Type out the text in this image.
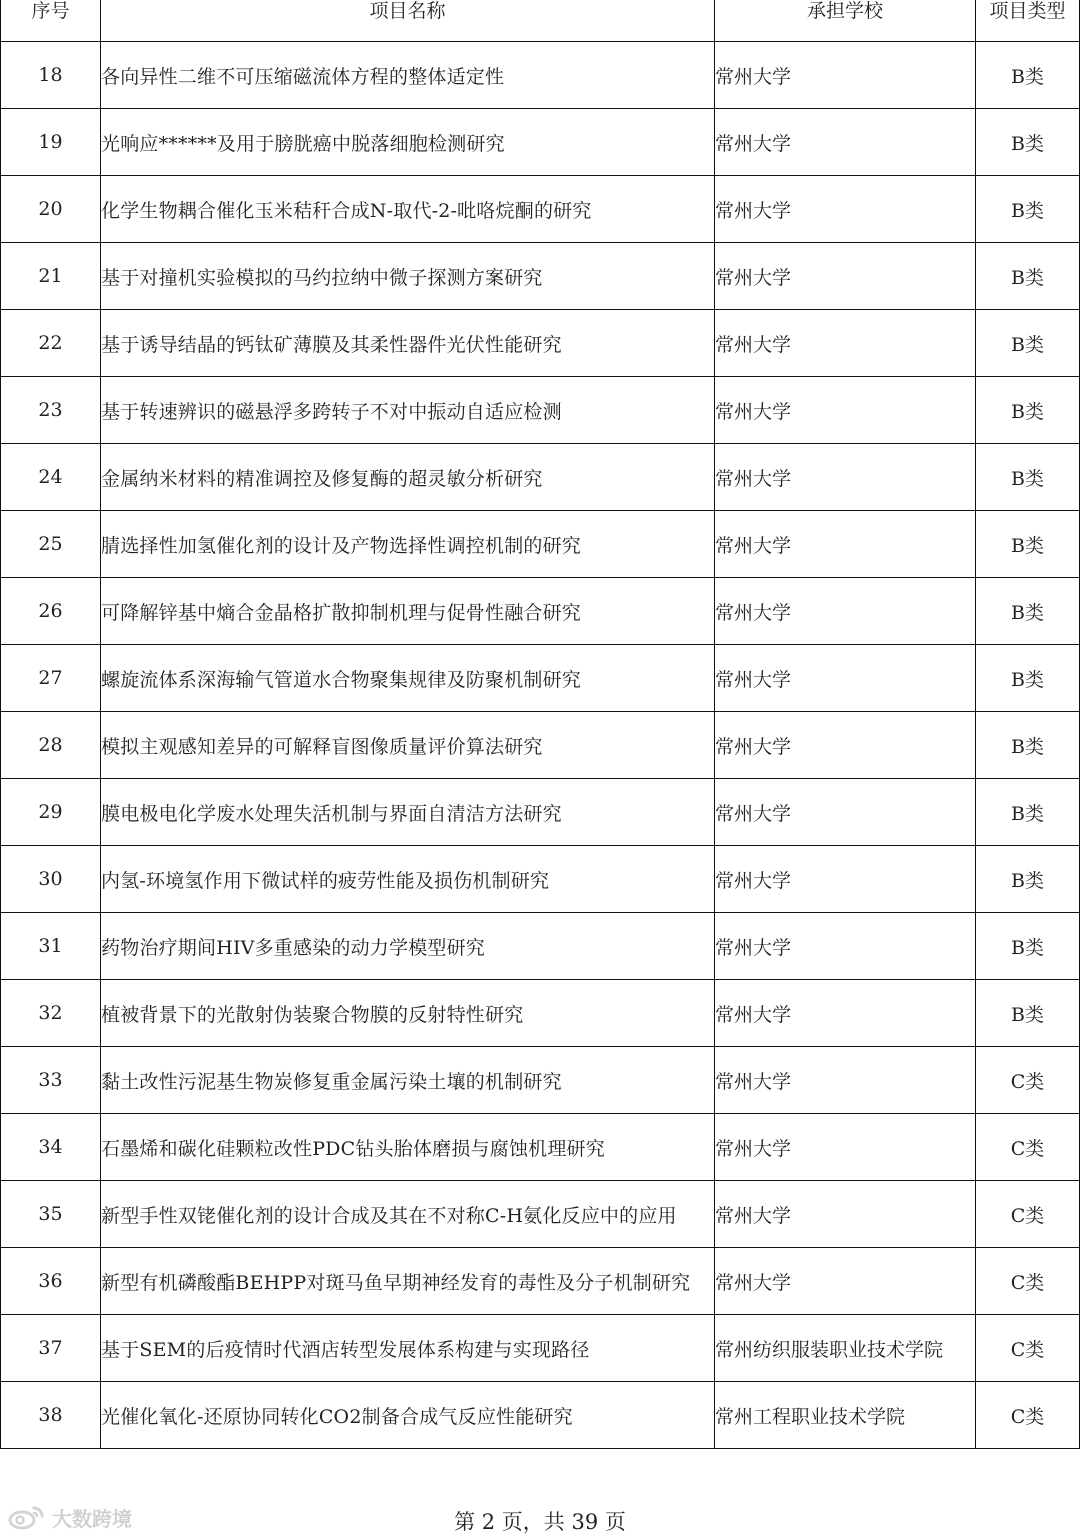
序号	项目名称	承担学校	项目类型
18	各向异性二维不可压缩磁流体方程的整体适定性	常州大学	B类
19	光响应******及用于膀胱癌中脱落细胞检测研究	常州大学	B类
20	化学生物耦合催化玉米秸秆合成N-取代-2-吡咯烷酮的研究	常州大学	B类
21	基于对撞机实验模拟的马约拉纳中微子探测方案研究	常州大学	B类
22	基于诱导结晶的钙钛矿薄膜及其柔性器件光伏性能研究	常州大学	B类
23	基于转速辨识的磁悬浮多跨转子不对中振动自适应检测	常州大学	B类
24	金属纳米材料的精准调控及修复酶的超灵敏分析研究	常州大学	B类
25	腈选择性加氢催化剂的设计及产物选择性调控机制的研究	常州大学	B类
26	可降解锌基中熵合金晶格扩散抑制机理与促骨性融合研究	常州大学	B类
27	螺旋流体系深海输气管道水合物聚集规律及防聚机制研究	常州大学	B类
28	模拟主观感知差异的可解释盲图像质量评价算法研究	常州大学	B类
29	膜电极电化学废水处理失活机制与界面自清洁方法研究	常州大学	B类
30	内氢-环境氢作用下微试样的疲劳性能及损伤机制研究	常州大学	B类
31	药物治疗期间HIV多重感染的动力学模型研究	常州大学	B类
32	植被背景下的光散射伪装聚合物膜的反射特性研究	常州大学	B类
33	黏土改性污泥基生物炭修复重金属污染土壤的机制研究	常州大学	C类
34	石墨烯和碳化硅颗粒改性PDC钻头胎体磨损与腐蚀机理研究	常州大学	C类
35	新型手性双铑催化剂的设计合成及其在不对称C-H氨化反应中的应用	常州大学	C类
36	新型有机磷酸酯BEHPP对斑马鱼早期神经发育的毒性及分子机制研究	常州大学	C类
37	基于SEM的后疫情时代酒店转型发展体系构建与实现路径	常州纺织服装职业技术学院	C类
38	光催化氧化-还原协同转化CO2制备合成气反应性能研究	常州工程职业技术学院	C类
大数跨境	第 2 页，共 39 页
